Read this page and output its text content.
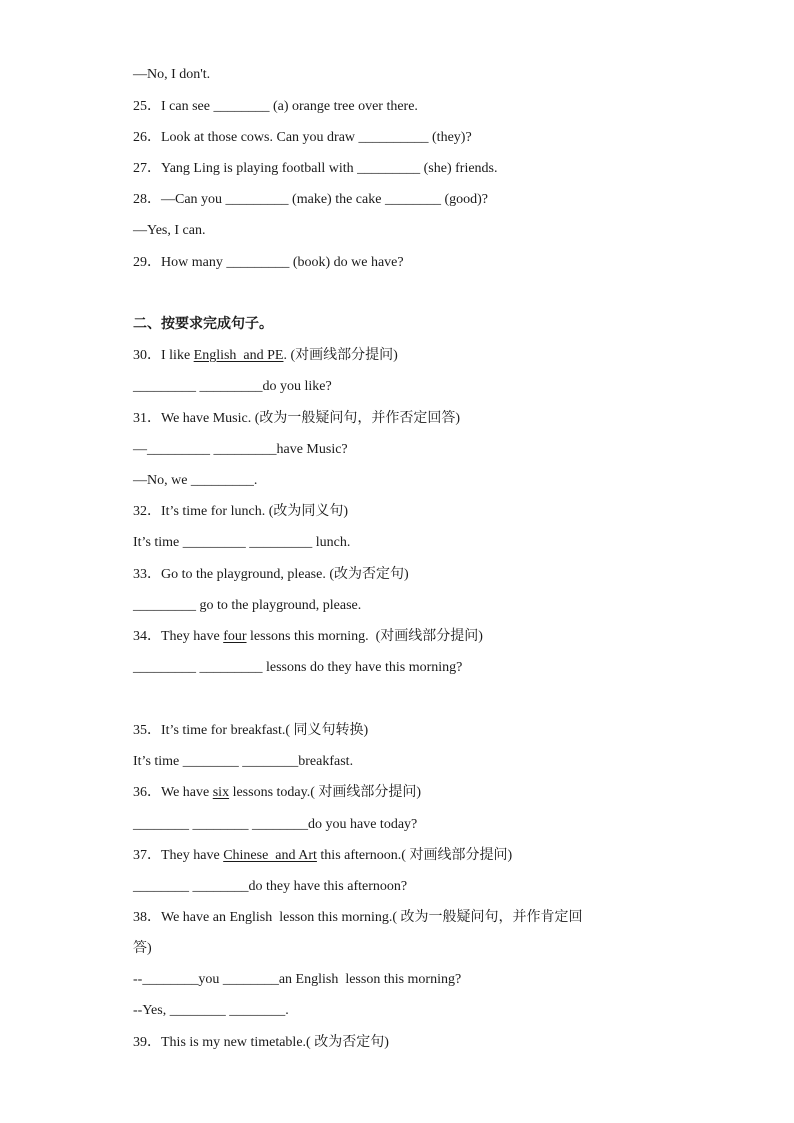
—No, I don't.
25．I can see ________ (a) orange tree over there.
26．Look at those cows. Can you draw __________ (they)?
27．Yang Ling is playing football with _________ (she) friends.
28．—Can you _________ (make) the cake ________ (good)?
—Yes, I can.
29．How many _________ (book) do we have?
二、按要求完成句子。
30．I like English  and PE. (对画线部分提问)
_________ _________do you like?
31．We have Music. (改为一般疑问句，并作否定回答)
—_________ _________have Music?
—No, we _________.
32．It’s time for lunch. (改为同义句)
It’s time _________ _________ lunch.
33．Go to the playground, please. (改为否定句)
_________ go to the playground, please.
34．They have four lessons this morning.  (对画线部分提问)
_________ _________ lessons do they have this morning?
35．It’s time for breakfast.( 同义句转换)
It’s time ________ ________breakfast.
36．We have six lessons today.( 对画线部分提问)
________ ________ ________do you have today?
37．They have Chinese  and Art this afternoon.( 对画线部分提问)
________ ________do they have this afternoon?
38．We have an English  lesson this morning.( 改为一般疑问句，并作肯定回
答)
--________you ________an English  lesson this morning?
--Yes, ________ ________.
39．This is my new timetable.( 改为否定句)
